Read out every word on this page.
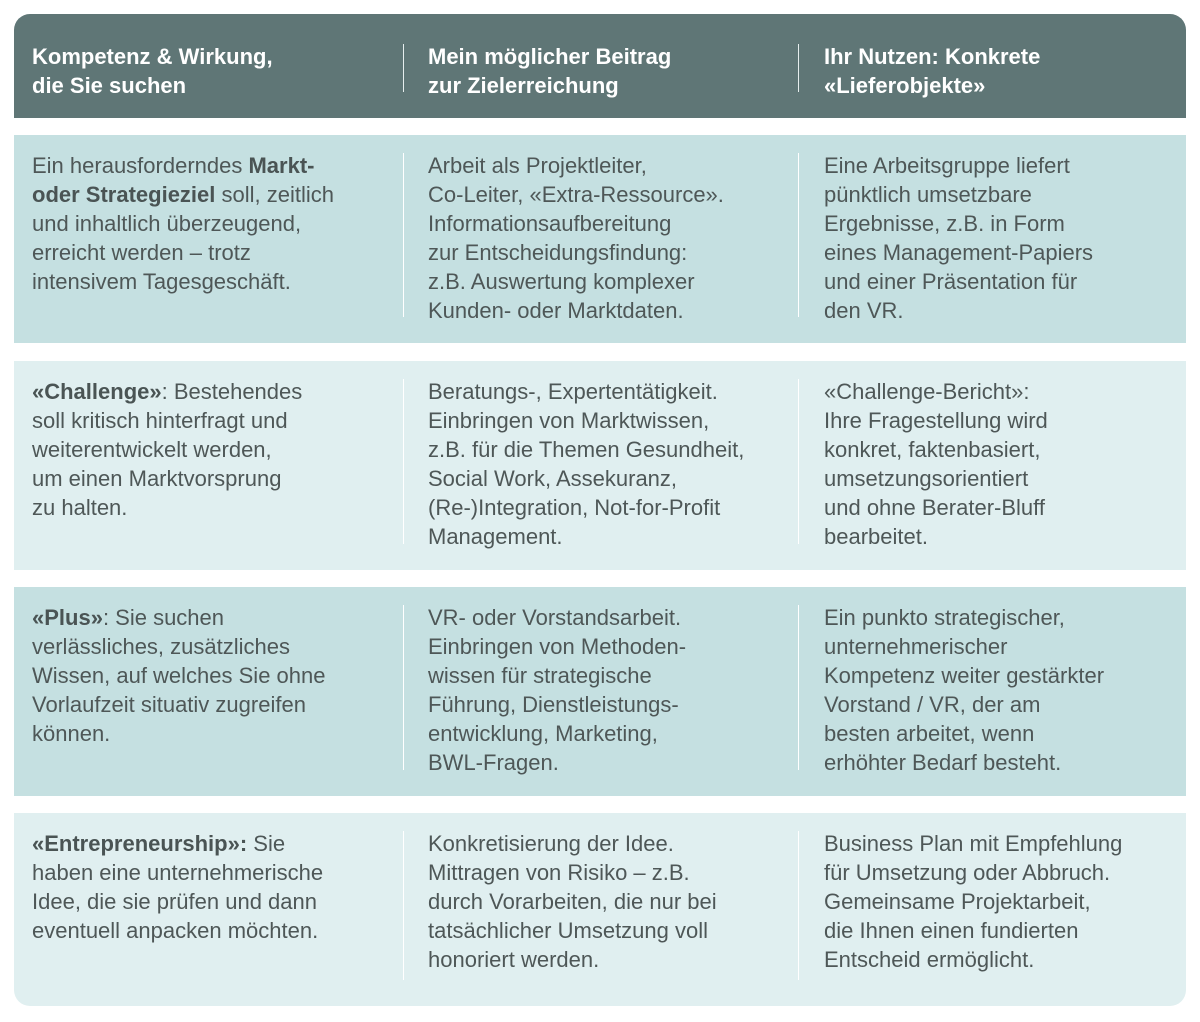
Kompetenz & Wirkung,
die Sie suchen
Mein möglicher Beitrag
zur Zielerreichung
Ihr Nutzen: Konkrete
«Lieferobjekte»
Ein herausforderndes Markt-
oder Strategieziel soll, zeitlich
und inhaltlich überzeugend,
erreicht werden – trotz
intensivem Tagesgeschäft.
Arbeit als Projektleiter,
Co-Leiter, «Extra-Ressource».
Informationsaufbereitung
zur Entscheidungsfindung:
z.B. Auswertung komplexer
Kunden- oder Marktdaten.
Eine Arbeitsgruppe liefert
pünktlich umsetzbare
Ergebnisse, z.B. in Form
eines Management-Papiers
und einer Präsentation für
den VR.
«Challenge»: Bestehendes
soll kritisch hinterfragt und
weiterentwickelt werden,
um einen Marktvorsprung
zu halten.
Beratungs-, Expertentätigkeit.
Einbringen von Marktwissen,
z.B. für die Themen Gesundheit,
Social Work, Assekuranz,
(Re-)Integration, Not-for-Profit
Management.
«Challenge-Bericht»:
Ihre Fragestellung wird
konkret, faktenbasiert,
umsetzungsorientiert
und ohne Berater-Bluff
bearbeitet.
«Plus»: Sie suchen
verlässliches, zusätzliches
Wissen, auf welches Sie ohne
Vorlaufzeit situativ zugreifen
können.
VR- oder Vorstandsarbeit.
Einbringen von Methoden-
wissen für strategische
Führung, Dienstleistungs-
entwicklung, Marketing,
BWL-Fragen.
Ein punkto strategischer,
unternehmerischer
Kompetenz weiter gestärkter
Vorstand / VR, der am
besten arbeitet, wenn
erhöhter Bedarf besteht.
«Entrepreneurship»: Sie
haben eine unternehmerische
Idee, die sie prüfen und dann
eventuell anpacken möchten.
Konkretisierung der Idee.
Mittragen von Risiko – z.B.
durch Vorarbeiten, die nur bei
tatsächlicher Umsetzung voll
honoriert werden.
Business Plan mit Empfehlung
für Umsetzung oder Abbruch.
Gemeinsame Projektarbeit,
die Ihnen einen fundierten
Entscheid ermöglicht.
